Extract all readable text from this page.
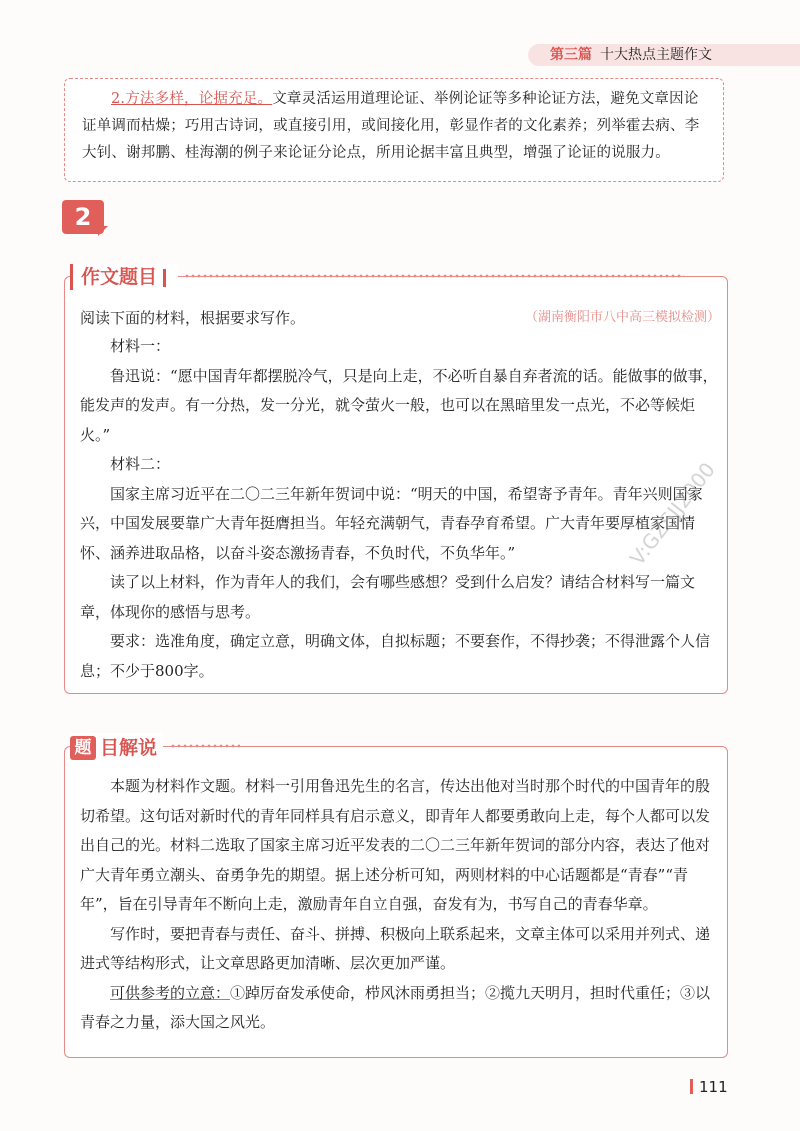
第三篇 十大热点主题作文

2.方法多样，论据充足。文章灵活运用道理论证、举例论证等多种论证方法，避免文章因论证单调而枯燥；巧用古诗词，或直接引用，或间接化用，彰显作者的文化素养；列举霍去病、李大钊、谢邦鹏、桂海潮的例子来论证分论点，所用论据丰富且典型，增强了论证的说服力。

2
作文题目
阅读下面的材料，根据要求写作。	（湖南衡阳市八中高三模拟检测）

材料一：

鲁迅说：“愿中国青年都摆脱冷气，只是向上走，不必听自暴自弃者流的话。能做事的做事，能发声的发声。有一分热，发一分光，就令萤火一般，也可以在黑暗里发一点光，不必等候炬火。”

材料二：

国家主席习近平在二〇二三年新年贺词中说：“明天的中国，希望寄予青年。青年兴则国家兴，中国发展要靠广大青年挺膺担当。年轻充满朝气，青春孕育希望。广大青年要厚植家国情怀、涵养进取品格，以奋斗姿态激扬青春，不负时代，不负华年。”

读了以上材料，作为青年人的我们，会有哪些感想？受到什么启发？请结合材料写一篇文章，体现你的感悟与思考。

要求：选准角度，确定立意，明确文体，自拟标题；不要套作，不得抄袭；不得泄露个人信息；不少于800字。

题 目解说

本题为材料作文题。材料一引用鲁迅先生的名言，传达出他对当时那个时代的中国青年的殷切希望。这句话对新时代的青年同样具有启示意义，即青年人都要勇敢向上走，每个人都可以发出自己的光。材料二选取了国家主席习近平发表的二〇二三年新年贺词的部分内容，表达了他对广大青年勇立潮头、奋勇争先的期望。据上述分析可知，两则材料的中心话题都是“青春”“青年”，旨在引导青年不断向上走，激励青年自立自强，奋发有为，书写自己的青春华章。

写作时，要把青春与责任、奋斗、拼搏、积极向上联系起来，文章主体可以采用并列式、递进式等结构形式，让文章思路更加清晰、层次更加严谨。

可供参考的立意：①踔厉奋发承使命，栉风沐雨勇担当；②揽九天明月，担时代重任；③以青春之力量，添大国之风光。

111
V:GZSJJ2000
